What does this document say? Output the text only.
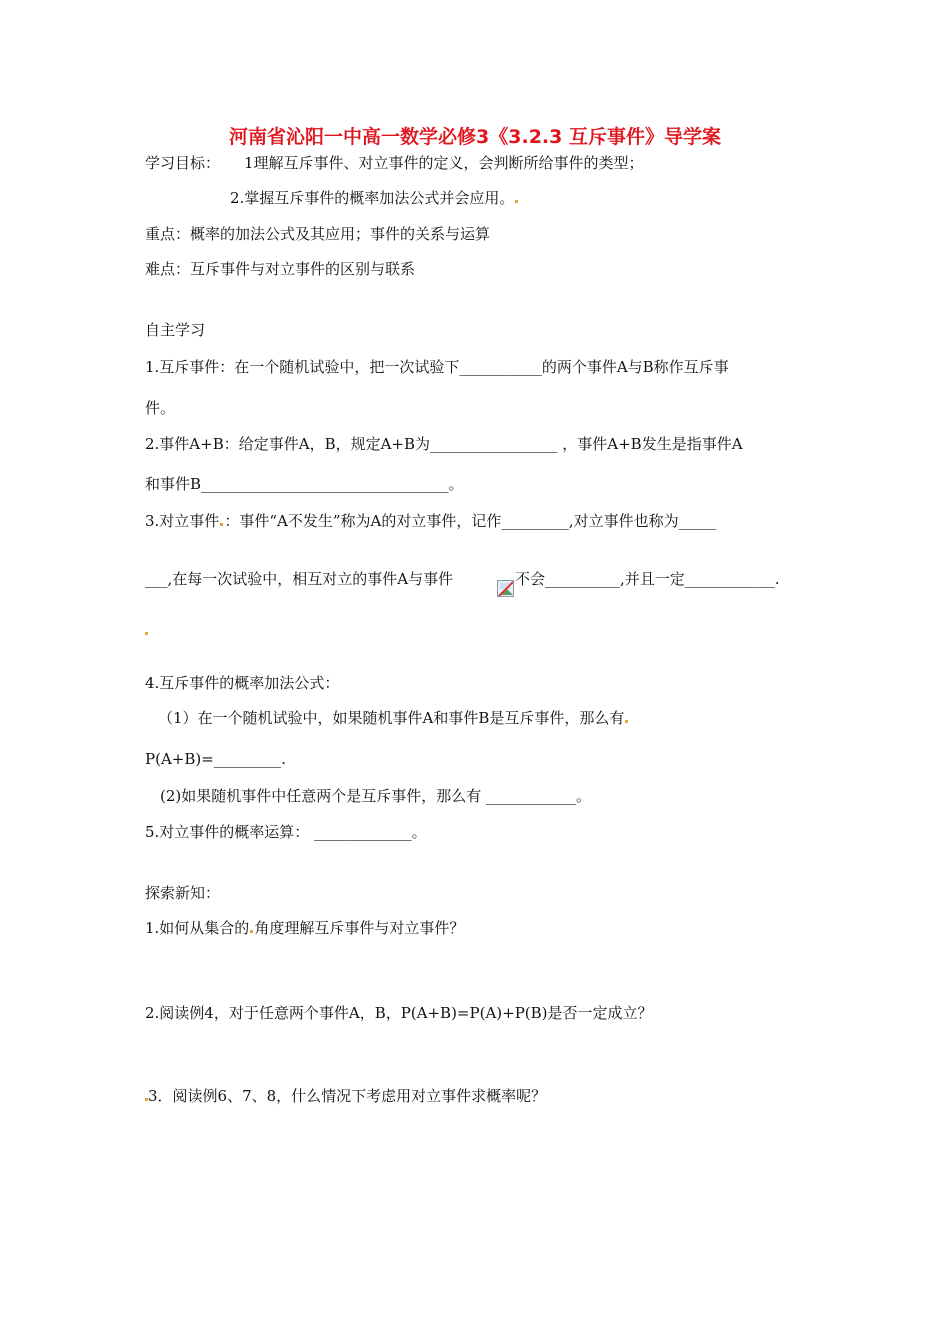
河南省沁阳一中高一数学必修3《3.2.3 互斥事件》导学案
学习目标： 1理解互斥事件、对立事件的定义，会判断所给事件的类型；
2.掌握互斥事件的概率加法公式并会应用。
重点：概率的加法公式及其应用；事件的关系与运算
难点：互斥事件与对立事件的区别与联系
自主学习
1.互斥事件：在一个随机试验中，把一次试验下___________的两个事件A与B称作互斥事
件。
2.事件A+B：给定事件A，B，规定A+B为_________________ ，事件A+B发生是指事件A
和事件B_________________________________。
3.对立事件 ：事件“A不发生”称为A的对立事件，记作_________,对立事件也称为_____
___,在每一次试验中，相互对立的事件A与事件	不会__________,并且一定____________.
4.互斥事件的概率加法公式：
（1）在一个随机试验中，如果随机事件A和事件B是互斥事件，那么有
P(A+B)=_________.
(2)如果随机事件中任意两个是互斥事件，那么有 ____________。
5.对立事件的概率运算： _____________。
探索新知：
1.如何从集合的 角度理解互斥事件与对立事件？
2.阅读例4，对于任意两个事件A，B，P(A+B)=P(A)+P(B)是否一定成立？
3．阅读例6、7、8，什么情况下考虑用对立事件求概率呢？
